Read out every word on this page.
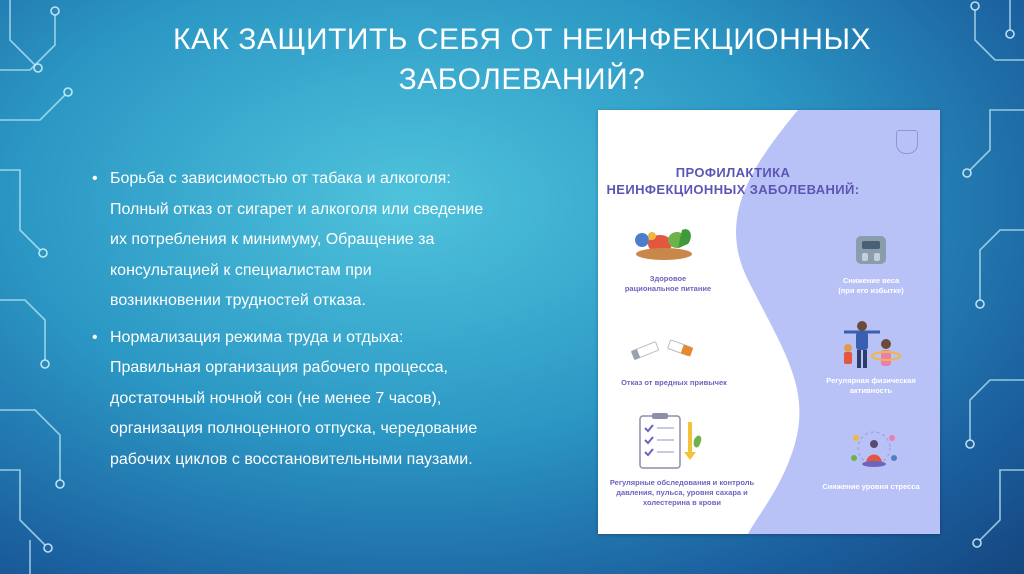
КАК ЗАЩИТИТЬ СЕБЯ ОТ НЕИНФЕКЦИОННЫХ
ЗАБОЛЕВАНИЙ?
• Борьба с зависимостью от табака и алкоголя:
Полный отказ от сигарет и алкоголя или сведение
их потребления к минимуму, Обращение за
консультацией к специалистам при
возникновении трудностей отказа.
• Нормализация режима труда и отдыха:
Правильная организация рабочего процесса,
достаточный ночной сон (не менее 7 часов),
организация полноценного отпуска, чередование
рабочих циклов с восстановительными паузами.
ПРОФИЛАКТИКА
НЕИНФЕКЦИОННЫХ ЗАБОЛЕВАНИЙ:
Здоровое
рациональное питание
Снижение веса
(при его избытке)
Отказ от вредных привычек	Регулярная физическая
активность
Регулярные обследования и контроль
давления, пульса, уровня сахара и
холестерина в крови
Снижение уровня стресса
